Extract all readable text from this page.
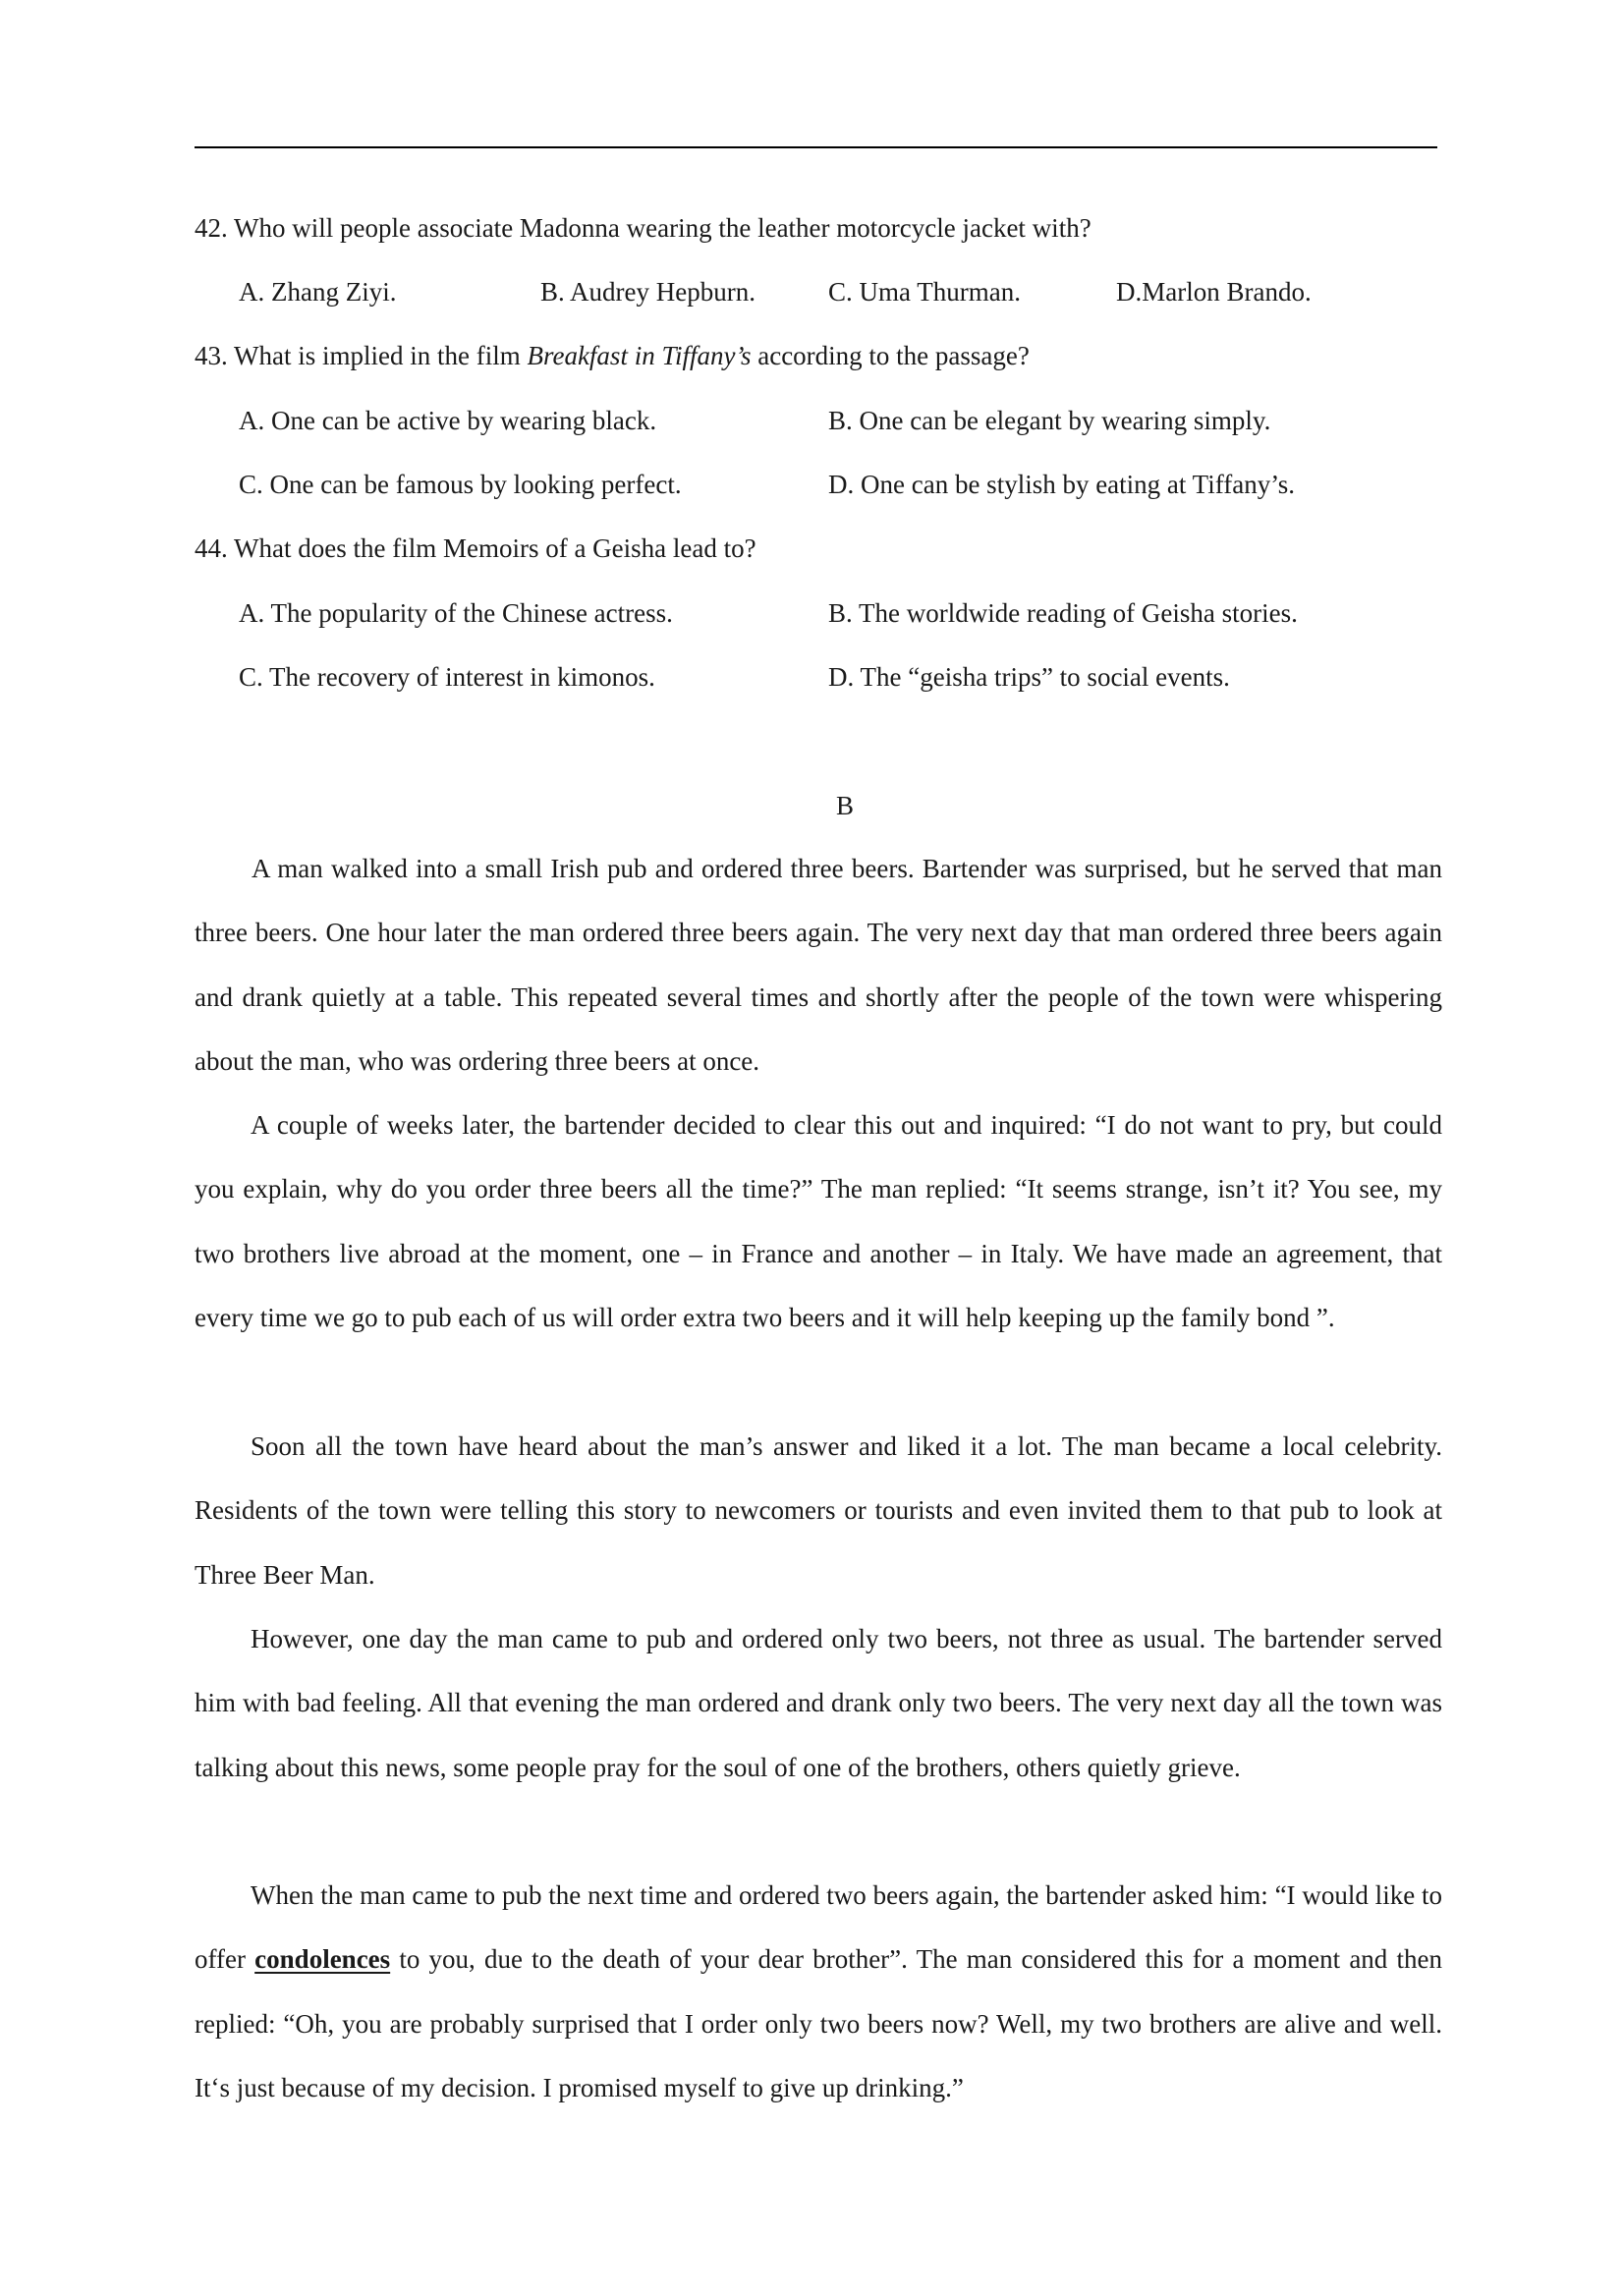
42. Who will people associate Madonna wearing the leather motorcycle jacket with?
A. Zhang Ziyi.	B. Audrey Hepburn.	C. Uma Thurman.	D.Marlon Brando.
43. What is implied in the film Breakfast in Tiffany’s according to the passage?
A. One can be active by wearing black.	B. One can be elegant by wearing simply.
C. One can be famous by looking perfect.	D. One can be stylish by eating at Tiffany’s.
44. What does the film Memoirs of a Geisha lead to?
A. The popularity of the Chinese actress.	B. The worldwide reading of Geisha stories.
C. The recovery of interest in kimonos.	D. The “geisha trips” to social events.
B
A man walked into a small Irish pub and ordered three beers. Bartender was surprised, but he served that man three beers. One hour later the man ordered three beers again. The very next day that man ordered three beers again and drank quietly at a table. This repeated several times and shortly after the people of the town were whispering about the man, who was ordering three beers at once.
A couple of weeks later, the bartender decided to clear this out and inquired: “I do not want to pry, but could you explain, why do you order three beers all the time?” The man replied: “It seems strange, isn’t it? You see, my two brothers live abroad at the moment, one – in France and another – in Italy. We have made an agreement, that every time we go to pub each of us will order extra two beers and it will help keeping up the family bond ”.
Soon all the town have heard about the man’s answer and liked it a lot. The man became a local celebrity. Residents of the town were telling this story to newcomers or tourists and even invited them to that pub to look at Three Beer Man.
However, one day the man came to pub and ordered only two beers, not three as usual. The bartender served him with bad feeling. All that evening the man ordered and drank only two beers. The very next day all the town was talking about this news, some people pray for the soul of one of the brothers, others quietly grieve.
When the man came to pub the next time and ordered two beers again, the bartender asked him: “I would like to offer condolences to you, due to the death of your dear brother”. The man considered this for a moment and then replied: “Oh, you are probably surprised that I order only two beers now? Well, my two brothers are alive and well. It‘s just because of my decision. I promised myself to give up drinking.”
